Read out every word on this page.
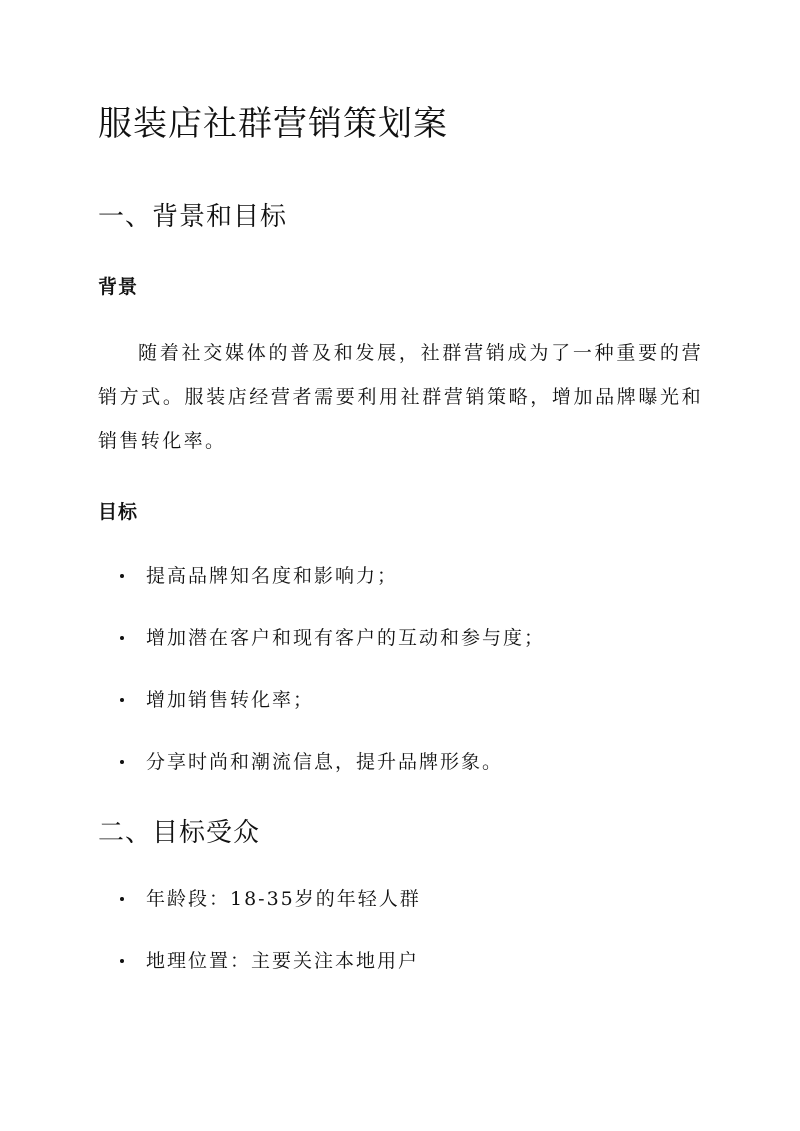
服装店社群营销策划案
一、背景和目标
背景

随着社交媒体的普及和发展，社群营销成为了一种重要的营销方式。服装店经营者需要利用社群营销策略，增加品牌曝光和销售转化率。

目标
提高品牌知名度和影响力；
增加潜在客户和现有客户的互动和参与度；
增加销售转化率；
分享时尚和潮流信息，提升品牌形象。
二、目标受众
年龄段：18-35岁的年轻人群
地理位置：主要关注本地用户
